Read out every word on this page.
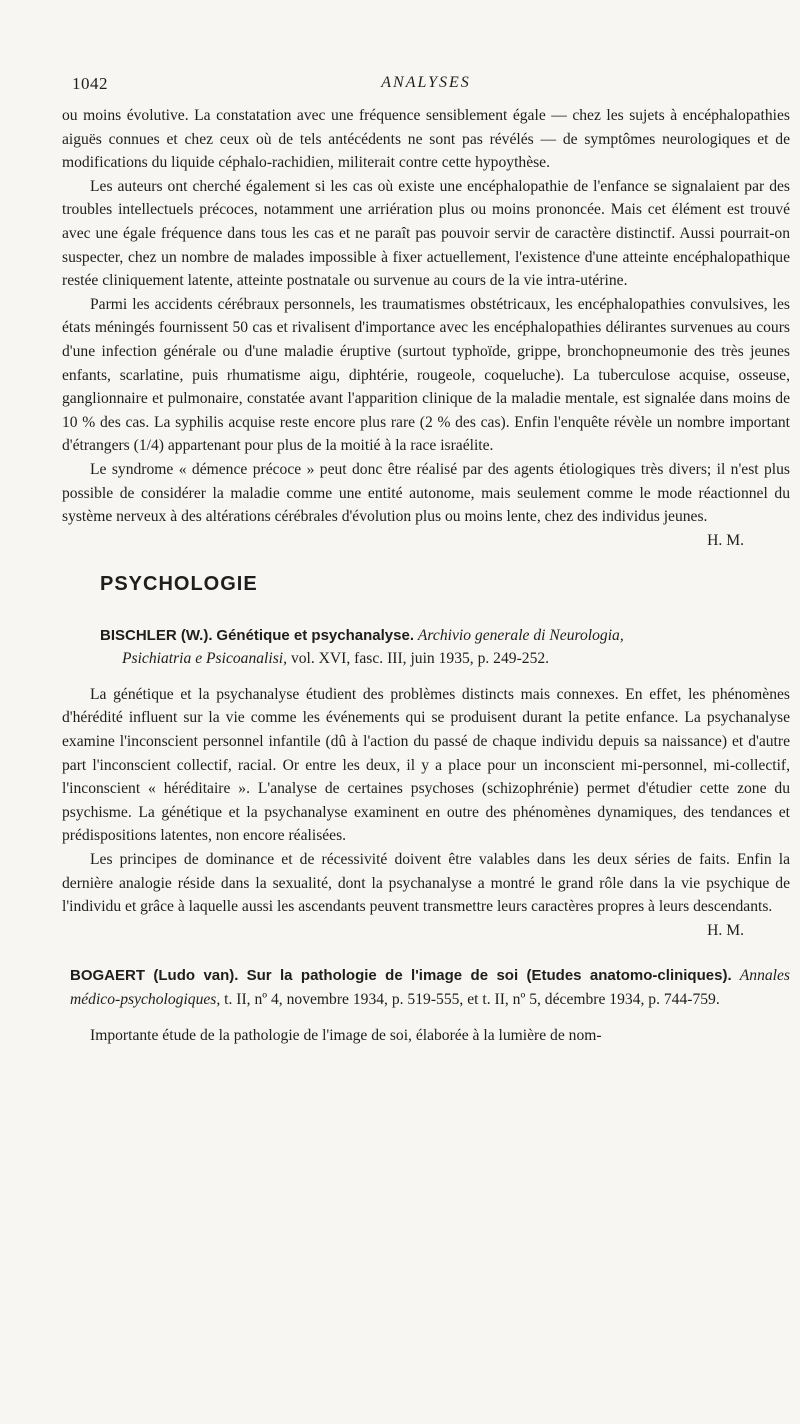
1042	ANALYSES

ou moins évolutive. La constatation avec une fréquence sensiblement égale — chez les sujets à encéphalopathies aiguës connues et chez ceux où de tels antécédents ne sont pas révélés — de symptômes neurologiques et de modifications du liquide céphalo-rachidien, militerait contre cette hypoythèse.

Les auteurs ont cherché également si les cas où existe une encéphalopathie de l'enfance se signalaient par des troubles intellectuels précoces, notamment une arriération plus ou moins prononcée. Mais cet élément est trouvé avec une égale fréquence dans tous les cas et ne paraît pas pouvoir servir de caractère distinctif. Aussi pourrait-on suspecter, chez un nombre de malades impossible à fixer actuellement, l'existence d'une atteinte encéphalopathique restée cliniquement latente, atteinte postnatale ou survenue au cours de la vie intra-utérine.

Parmi les accidents cérébraux personnels, les traumatismes obstétricaux, les encéphalopathies convulsives, les états méningés fournissent 50 cas et rivalisent d'importance avec les encéphalopathies délirantes survenues au cours d'une infection générale ou d'une maladie éruptive (surtout typhoïde, grippe, bronchopneumonie des très jeunes enfants, scarlatine, puis rhumatisme aigu, diphtérie, rougeole, coqueluche). La tuberculose acquise, osseuse, ganglionnaire et pulmonaire, constatée avant l'apparition clinique de la maladie mentale, est signalée dans moins de 10 % des cas. La syphilis acquise reste encore plus rare (2 % des cas). Enfin l'enquête révèle un nombre important d'étrangers (1/4) appartenant pour plus de la moitié à la race israélite.

Le syndrome « démence précoce » peut donc être réalisé par des agents étiologiques très divers; il n'est plus possible de considérer la maladie comme une entité autonome, mais seulement comme le mode réactionnel du système nerveux à des altérations cérébrales d'évolution plus ou moins lente, chez des individus jeunes.
H. M.

PSYCHOLOGIE
BISCHLER (W.). Génétique et psychanalyse. Archivio generale di Neurologia,
Psichiatria e Psicoanalisi, vol. XVI, fasc. III, juin 1935, p. 249-252.

La génétique et la psychanalyse étudient des problèmes distincts mais connexes. En effet, les phénomènes d'hérédité influent sur la vie comme les événements qui se produisent durant la petite enfance. La psychanalyse examine l'inconscient personnel infantile (dû à l'action du passé de chaque individu depuis sa naissance) et d'autre part l'inconscient collectif, racial. Or entre les deux, il y a place pour un inconscient mi-personnel, mi-collectif, l'inconscient « héréditaire ». L'analyse de certaines psychoses (schizophrénie) permet d'étudier cette zone du psychisme. La génétique et la psychanalyse examinent en outre des phénomènes dynamiques, des tendances et prédispositions latentes, non encore réalisées.

Les principes de dominance et de récessivité doivent être valables dans les deux séries de faits. Enfin la dernière analogie réside dans la sexualité, dont la psychanalyse a montré le grand rôle dans la vie psychique de l'individu et grâce à laquelle aussi les ascendants peuvent transmettre leurs caractères propres à leurs descendants.

H. M.

BOGAERT (Ludo van). Sur la pathologie de l'image de soi (Etudes anatomo-cliniques). Annales médico-psychologiques, t. II, nº 4, novembre 1934, p. 519-555, et t. II, nº 5, décembre 1934, p. 744-759.

Importante étude de la pathologie de l'image de soi, élaborée à la lumière de nom-
